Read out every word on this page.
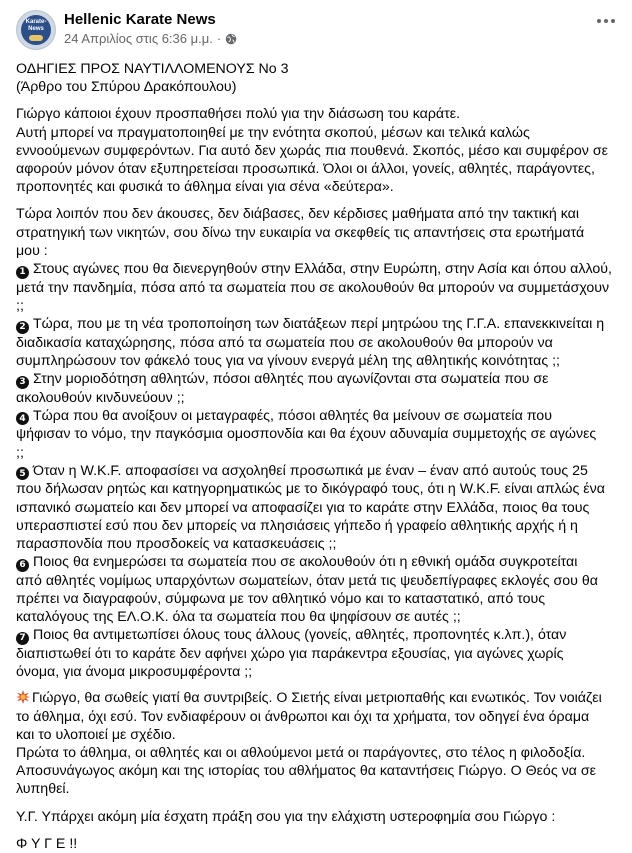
Karate-News
Hellenic Karate News
24 Απριλίος στις 6:36 μ.μ. ·
ΟΔΗΓΙΕΣ ΠΡΟΣ ΝΑΥΤΙΛΛΟΜΕΝΟΥΣ Νο 3
(Άρθρο του Σπύρου Δρακόπουλου)
Γιώργο κάποιοι έχουν προσπαθήσει πολύ για την διάσωση του καράτε.
Αυτή μπορεί να πραγματοποιηθεί με την ενότητα σκοπού, μέσων και τελικά καλώς
εννοούμενων συμφερόντων. Για αυτό δεν χωράς πια πουθενά. Σκοπός, μέσο και συμφέρον σε
αφορούν μόνον όταν εξυπηρετείσαι προσωπικά. Όλοι οι άλλοι, γονείς, αθλητές, παράγοντες,
προπονητές και φυσικά το άθλημα είναι για σένα «δεύτερα».
Τώρα λοιπόν που δεν άκουσες, δεν διάβασες, δεν κέρδισες μαθήματα από την τακτική και
στρατηγική των νικητών, σου δίνω την ευκαιρία να σκεφθείς τις απαντήσεις στα ερωτήματά
μου :
1 Στους αγώνες που θα διενεργηθούν στην Ελλάδα, στην Ευρώπη, στην Ασία και όπου αλλού,
μετά την πανδημία, πόσα από τα σωματεία που σε ακολουθούν θα μπορούν να συμμετάσχουν
;;
2 Τώρα, που με τη νέα τροποποίηση των διατάξεων περί μητρώου της Γ.Γ.Α. επανεκκινείται η
διαδικασία καταχώρησης, πόσα από τα σωματεία που σε ακολουθούν θα μπορούν να
συμπληρώσουν τον φάκελό τους για να γίνουν ενεργά μέλη της αθλητικής κοινότητας ;;
3 Στην μοριοδότηση αθλητών, πόσοι αθλητές που αγωνίζονται στα σωματεία που σε
ακολουθούν κινδυνεύουν ;;
4 Τώρα που θα ανοίξουν οι μεταγραφές, πόσοι αθλητές θα μείνουν σε σωματεία που
ψήφισαν το νόμο, την παγκόσμια ομοσπονδία και θα έχουν αδυναμία συμμετοχής σε αγώνες
;;
5 Όταν η W.K.F. αποφασίσει να ασχοληθεί προσωπικά με έναν – έναν από αυτούς τους 25
που δήλωσαν ρητώς και κατηγορηματικώς με το δικόγραφό τους, ότι η W.K.F. είναι απλώς ένα
ισπανικό σωματείο και δεν μπορεί να αποφασίζει για το καράτε στην Ελλάδα, ποιος θα τους
υπερασπιστεί εσύ που δεν μπορείς να πλησιάσεις γήπεδο ή γραφείο αθλητικής αρχής ή η
παρασπονδία που προσδοκείς να κατασκευάσεις ;;
6 Ποιος θα ενημερώσει τα σωματεία που σε ακολουθούν ότι η εθνική ομάδα συγκροτείται
από αθλητές νομίμως υπαρχόντων σωματείων, όταν μετά τις ψευδεπίγραφες εκλογές σου θα
πρέπει να διαγραφούν, σύμφωνα με τον αθλητικό νόμο και το καταστατικό, από τους
καταλόγους της ΕΛ.Ο.Κ. όλα τα σωματεία που θα ψηφίσουν σε αυτές ;;
7 Ποιος θα αντιμετωπίσει όλους τους άλλους (γονείς, αθλητές, προπονητές κ.λπ.), όταν
διαπιστωθεί ότι το καράτε δεν αφήνει χώρο για παράκεντρα εξουσίας, για αγώνες χωρίς
όνομα, για άνομα μικροσυμφέροντα ;;
Γιώργο, θα σωθείς γιατί θα συντριβείς. Ο Σιετής είναι μετριοπαθής και ενωτικός. Τον νοιάζει
το άθλημα, όχι εσύ. Τον ενδιαφέρουν οι άνθρωποι και όχι τα χρήματα, τον οδηγεί ένα όραμα
και το υλοποιεί με σχέδιο.
Πρώτα το άθλημα, οι αθλητές και οι αθλούμενοι μετά οι παράγοντες, στο τέλος η φιλοδοξία.
Αποσυνάγωγος ακόμη και της ιστορίας του αθλήματος θα καταντήσεις Γιώργο. Ο Θεός να σε
λυπηθεί.
Υ.Γ. Υπάρχει ακόμη μία έσχατη πράξη σου για την ελάχιστη υστεροφημία σου Γιώργο :
Φ Υ Γ Ε !!
